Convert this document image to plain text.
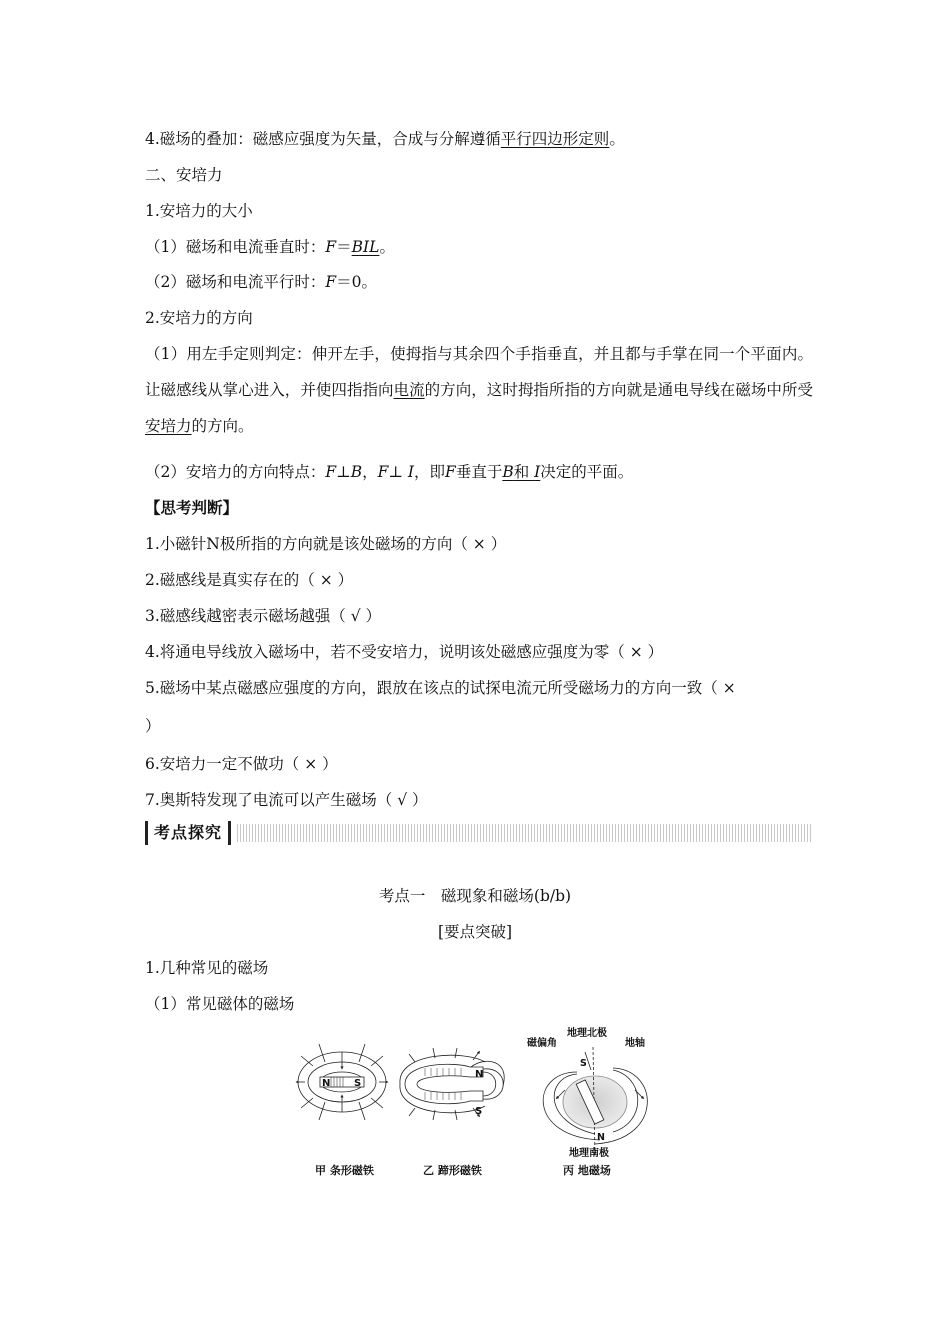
4.磁场的叠加：磁感应强度为矢量，合成与分解遵循平行四边形定则。
二、安培力
1.安培力的大小
（1）磁场和电流垂直时：F＝BIL。
（2）磁场和电流平行时：F＝0。
2.安培力的方向
（1）用左手定则判定：伸开左手，使拇指与其余四个手指垂直，并且都与手掌在同一个平面内。让磁感线从掌心进入，并使四指指向电流的方向，这时拇指所指的方向就是通电导线在磁场中所受安培力的方向。
（2）安培力的方向特点：F⊥B，F⊥ I，即F垂直于B和 I决定的平面。
【思考判断】
1.小磁针N极所指的方向就是该处磁场的方向（ × ）
2.磁感线是真实存在的（ × ）
3.磁感线越密表示磁场越强（ √ ）
4.将通电导线放入磁场中，若不受安培力，说明该处磁感应强度为零（ × ）
5.磁场中某点磁感应强度的方向，跟放在该点的试探电流元所受磁场力的方向一致（ ×
）
6.安培力一定不做功（ × ）
7.奥斯特发现了电流可以产生磁场（ √ ）
考点探究
考点一　磁现象和磁场(b/b)
[要点突破]
1.几种常见的磁场
（1）常见磁体的磁场
N S
N
S
S
N
磁偏角
地理北极
地轴
地理南极
甲 条形磁铁	乙 蹄形磁铁	丙 地磁场
